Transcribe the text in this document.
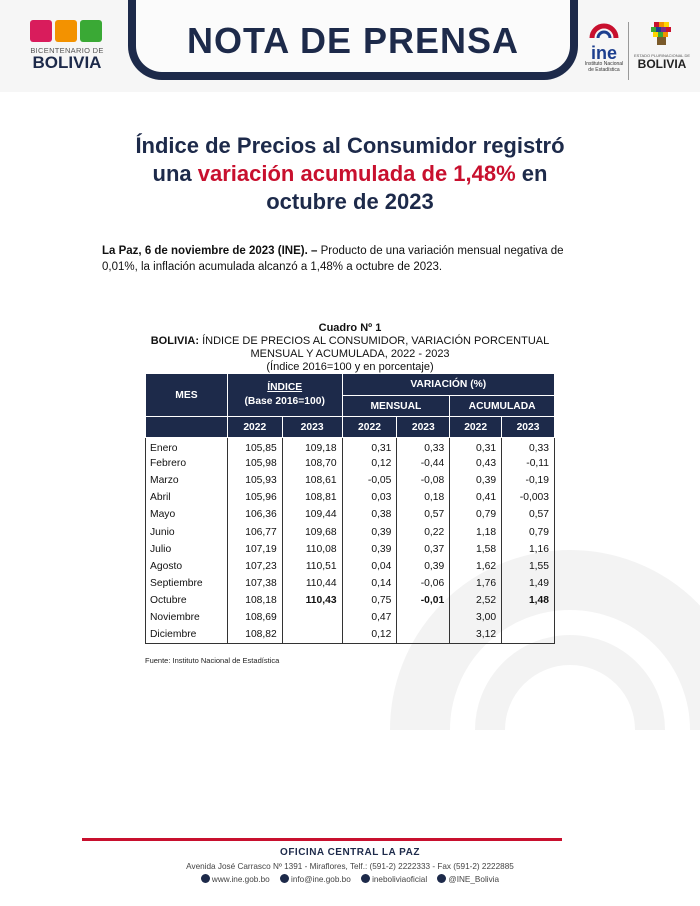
BICENTENARIO DE
BOLIVIA
NOTA DE PRENSA	ine
Instituto Nacional de Estadística
ESTADO PLURINACIONAL DE
BOLIVIA
Índice de Precios al Consumidor registró
una variación acumulada de 1,48% en
octubre de 2023
La Paz, 6 de noviembre de 2023 (INE). – Producto de una variación mensual negativa de 0,01%, la inflación acumulada alcanzó a 1,48% a octubre de 2023.
Cuadro Nº 1
BOLIVIA: ÍNDICE DE PRECIOS AL CONSUMIDOR, VARIACIÓN PORCENTUAL MENSUAL Y ACUMULADA, 2022 - 2023
(Índice 2016=100 y en porcentaje)
MES	ÍNDICE
(Base 2016=100)		VARIACIÓN (%)			
			MENSUAL		ACUMULADA	
	2022	2023	2022	2023	2022	2023
Enero	105,85	109,18	0,31	0,33	0,31	0,33
Febrero	105,98	108,70	0,12	-0,44	0,43	-0,11
Marzo	105,93	108,61	-0,05	-0,08	0,39	-0,19
Abril	105,96	108,81	0,03	0,18	0,41	-0,003
Mayo	106,36	109,44	0,38	0,57	0,79	0,57
Junio	106,77	109,68	0,39	0,22	1,18	0,79
Julio	107,19	110,08	0,39	0,37	1,58	1,16
Agosto	107,23	110,51	0,04	0,39	1,62	1,55
Septiembre	107,38	110,44	0,14	-0,06	1,76	1,49
Octubre	108,18	110,43	0,75	-0,01	2,52	1,48
Noviembre	108,69		0,47		3,00	
Diciembre	108,82		0,12		3,12	
Fuente: Instituto Nacional de Estadística
OFICINA CENTRAL LA PAZ
Avenida José Carrasco Nº 1391 - Miraflores, Telf.: (591-2) 2222333 - Fax (591-2) 2222885
www.ine.gob.bo	info@ine.gob.bo	ineboliviaoficial	@INE_Bolivia
